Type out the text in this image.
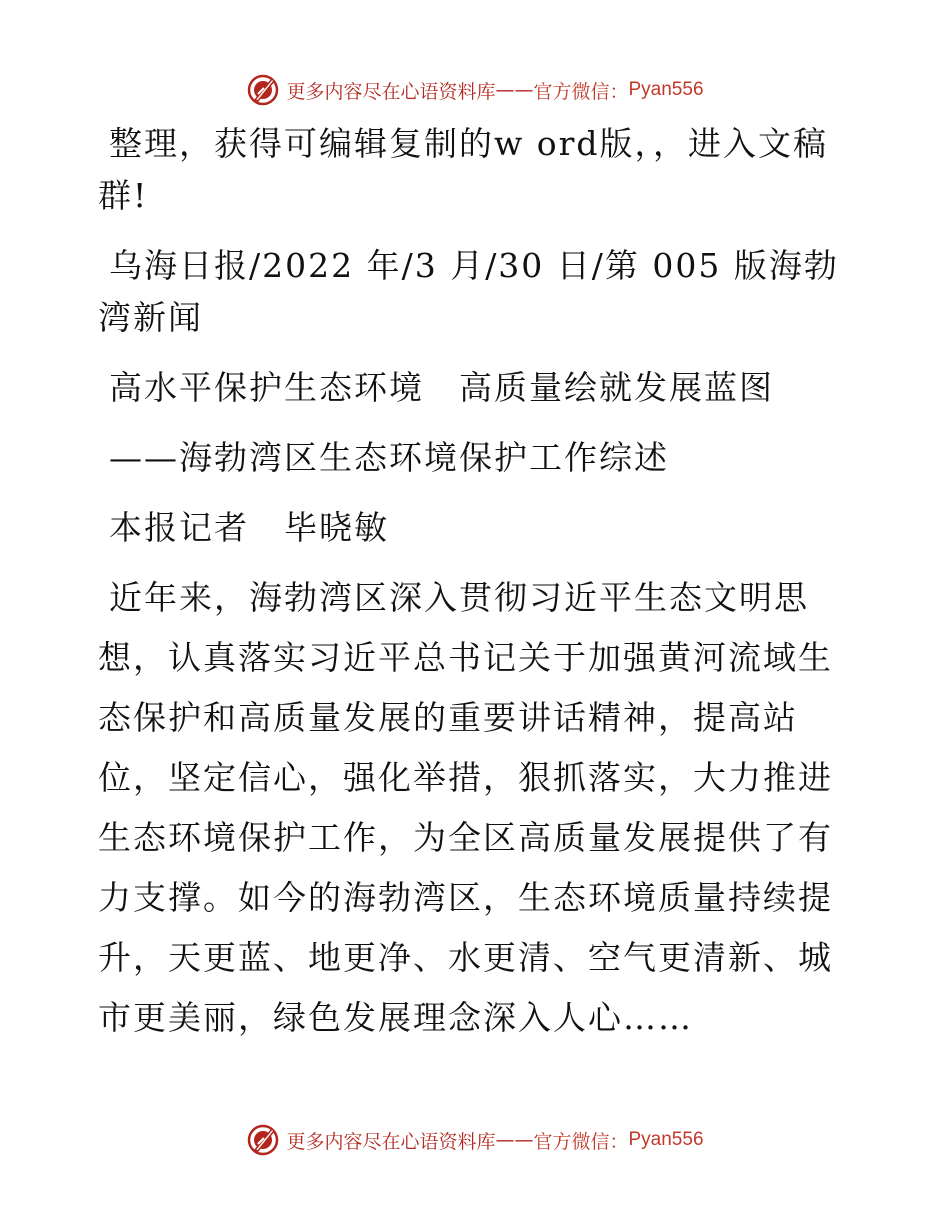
更多内容尽在心语资料库 —— 官方微信： Pyan556

整理，获得可编辑复制的w ord版，，进入文稿群!

乌海日报/2022 年/3 月/30 日/第 005 版海勃湾新闻

高水平保护生态环境　高质量绘就发展蓝图

——海勃湾区生态环境保护工作综述

本报记者　毕晓敏

近年来，海勃湾区深入贯彻习近平生态文明思想，认真落实习近平总书记关于加强黄河流域生态保护和高质量发展的重要讲话精神，提高站位，坚定信心，强化举措，狠抓落实，大力推进生态环境保护工作，为全区高质量发展提供了有力支撑。如今的海勃湾区，生态环境质量持续提升，天更蓝、地更净、水更清、空气更清新、城市更美丽，绿色发展理念深入人心……

更多内容尽在心语资料库 —— 官方微信： Pyan556
